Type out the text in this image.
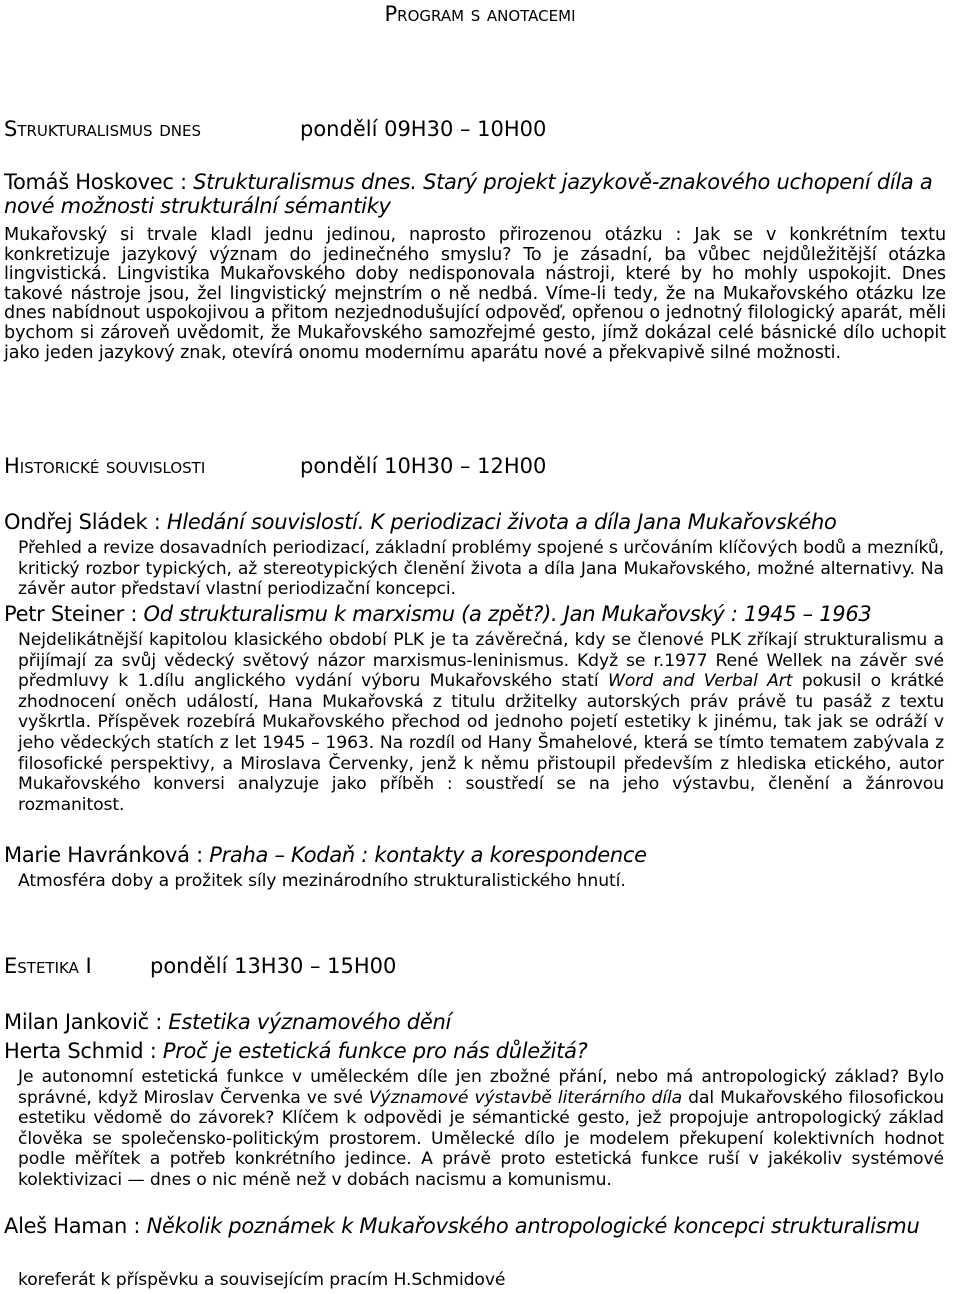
Program s anotacemi
Strukturalismus dnes	pondělí 09H30 – 10H00
Tomáš Hoskovec : Strukturalismus dnes. Starý projekt jazykově-znakového uchopení díla a nové možnosti strukturální sémantiky
Mukařovský si trvale kladl jednu jedinou, naprosto přirozenou otázku : Jak se v konkrétním textu konkretizuje jazykový význam do jedinečného smyslu? To je zásadní, ba vůbec nejdůležitější otázka lingvistická. Lingvistika Mukařovského doby nedisponovala nástroji, které by ho mohly uspokojit. Dnes takové nástroje jsou, žel lingvistický mejnstrím o ně nedbá. Víme-li tedy, že na Mukařovského otázku lze dnes nabídnout uspokojivou a přitom nezjednodušující odpověď, opřenou o jednotný filologický aparát, měli bychom si zároveň uvědomit, že Mukařovského samozřejmé gesto, jímž dokázal celé básnické dílo uchopit jako jeden jazykový znak, otevírá onomu modernímu aparátu nové a překvapivě silné možnosti.
Historické souvislosti	pondělí 10H30 – 12H00
Ondřej Sládek : Hledání souvislostí. K periodizaci života a díla Jana Mukařovského
Přehled a revize dosavadních periodizací, základní problémy spojené s určováním klíčových bodů a mezníků, kritický rozbor typických, až stereotypických členění života a díla Jana Mukařovského, možné alternativy. Na závěr autor představí vlastní periodizační koncepci.
Petr Steiner : Od strukturalismu k marxismu (a zpět?). Jan Mukařovský : 1945 – 1963
Nejdelikátnější kapitolou klasického období PLK je ta závěrečná, kdy se členové PLK zříkají strukturalismu a přijímají za svůj vědecký světový názor marxismus-leninismus. Když se r.1977 René Wellek na závěr své předmluvy k 1.dílu anglického vydání výboru Mukařovského statí Word and Verbal Art pokusil o krátké zhodnocení oněch událostí, Hana Mukařovská z titulu držitelky autorských práv právě tu pasáž z textu vyškrtla. Příspěvek rozebírá Mukařovského přechod od jednoho pojetí estetiky k jinému, tak jak se odráží v jeho vědeckých statích z let 1945 – 1963. Na rozdíl od Hany Šmahelové, která se tímto tematem zabývala z filosofické perspektivy, a Miroslava Červenky, jenž k němu přistoupil především z hlediska etického, autor Mukařovského konversi analyzuje jako příběh : soustředí se na jeho výstavbu, členění a žánrovou rozmanitost.
Marie Havránková : Praha – Kodaň : kontakty a korespondence
Atmosféra doby a prožitek síly mezinárodního strukturalistického hnutí.
Estetika I	pondělí 13H30 – 15H00
Milan Jankovič : Estetika významového dění
Herta Schmid : Proč je estetická funkce pro nás důležitá?
Je autonomní estetická funkce v uměleckém díle jen zbožné přání, nebo má antropologický základ? Bylo správné, když Miroslav Červenka ve své Významové výstavbě literárního díla dal Mukařovského filosofickou estetiku vědomě do závorek? Klíčem k odpovědi je sémantické gesto, jež propojuje antropologický základ člověka se společensko-politickým prostorem. Umělecké dílo je modelem překupení kolektivních hodnot podle měřítek a potřeb konkrétního jedince. A právě proto estetická funkce ruší v jakékoliv systémové kolektivizaci — dnes o nic méně než v dobách nacismu a komunismu.
Aleš Haman : Několik poznámek k Mukařovského antropologické koncepci strukturalismu
koreferát k příspěvku a souvisejícím pracím H.Schmidové
